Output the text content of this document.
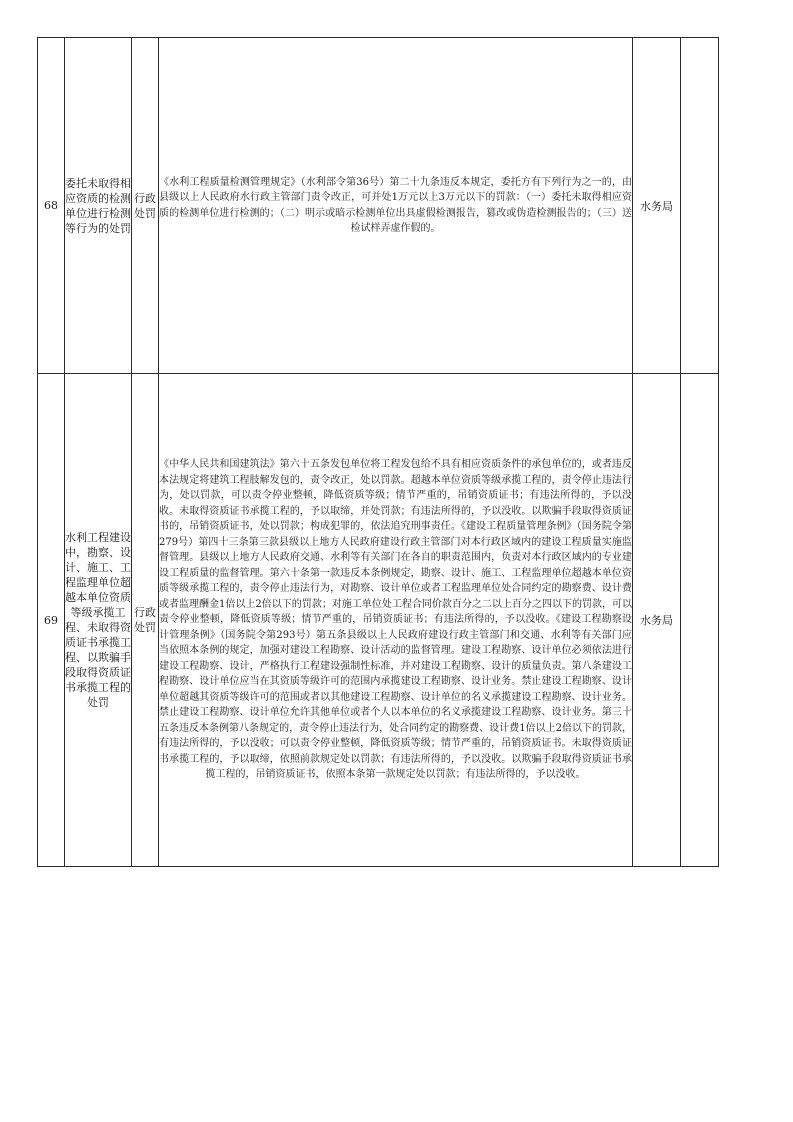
68	委托未取得相应资质的检测单位进行检测等行为的处罚	行政处罚	《水利工程质量检测管理规定》（水利部令第36号）第二十九条违反本规定，委托方有下列行为之一的，由县级以上人民政府水行政主管部门责令改正，可并处1万元以上3万元以下的罚款：（一）委托未取得相应资质的检测单位进行检测的；（二）明示或暗示检测单位出具虚假检测报告，篡改或伪造检测报告的；（三）送检试样弄虚作假的。	水务局	
69	水利工程建设中，勘察、设计、施工、工程监理单位超越本单位资质等级承揽工程、未取得资质证书承揽工程、以欺骗手段取得资质证书承揽工程的处罚	行政处罚	《中华人民共和国建筑法》第六十五条发包单位将工程发包给不具有相应资质条件的承包单位的，或者违反本法规定将建筑工程肢解发包的，责令改正，处以罚款。超越本单位资质等级承揽工程的，责令停止违法行为，处以罚款，可以责令停业整顿，降低资质等级；情节严重的，吊销资质证书；有违法所得的，予以没收。未取得资质证书承揽工程的，予以取缔，并处罚款；有违法所得的，予以没收。以欺骗手段取得资质证书的，吊销资质证书，处以罚款；构成犯罪的，依法追究刑事责任。《建设工程质量管理条例》（国务院令第279号）第四十三条第三款县级以上地方人民政府建设行政主管部门对本行政区域内的建设工程质量实施监督管理。县级以上地方人民政府交通、水利等有关部门在各自的职责范围内，负责对本行政区域内的专业建设工程质量的监督管理。第六十条第一款违反本条例规定，勘察、设计、施工、工程监理单位超越本单位资质等级承揽工程的，责令停止违法行为，对勘察、设计单位或者工程监理单位处合同约定的勘察费、设计费或者监理酬金1倍以上2倍以下的罚款；对施工单位处工程合同价款百分之二以上百分之四以下的罚款，可以责令停业整顿，降低资质等级；情节严重的，吊销资质证书；有违法所得的，予以没收。《建设工程勘察设计管理条例》（国务院令第293号）第五条县级以上人民政府建设行政主管部门和交通、水利等有关部门应当依照本条例的规定，加强对建设工程勘察、设计活动的监督管理。建设工程勘察、设计单位必须依法进行建设工程勘察、设计，严格执行工程建设强制性标准，并对建设工程勘察、设计的质量负责。第八条建设工程勘察、设计单位应当在其资质等级许可的范围内承揽建设工程勘察、设计业务。禁止建设工程勘察、设计单位超越其资质等级许可的范围或者以其他建设工程勘察、设计单位的名义承揽建设工程勘察、设计业务。禁止建设工程勘察、设计单位允许其他单位或者个人以本单位的名义承揽建设工程勘察、设计业务。第三十五条违反本条例第八条规定的，责令停止违法行为，处合同约定的勘察费、设计费1倍以上2倍以下的罚款，有违法所得的，予以没收；可以责令停业整顿，降低资质等级；情节严重的，吊销资质证书。未取得资质证书承揽工程的，予以取缔，依照前款规定处以罚款；有违法所得的，予以没收。以欺骗手段取得资质证书承揽工程的，吊销资质证书，依照本条第一款规定处以罚款；有违法所得的，予以没收。	水务局	
